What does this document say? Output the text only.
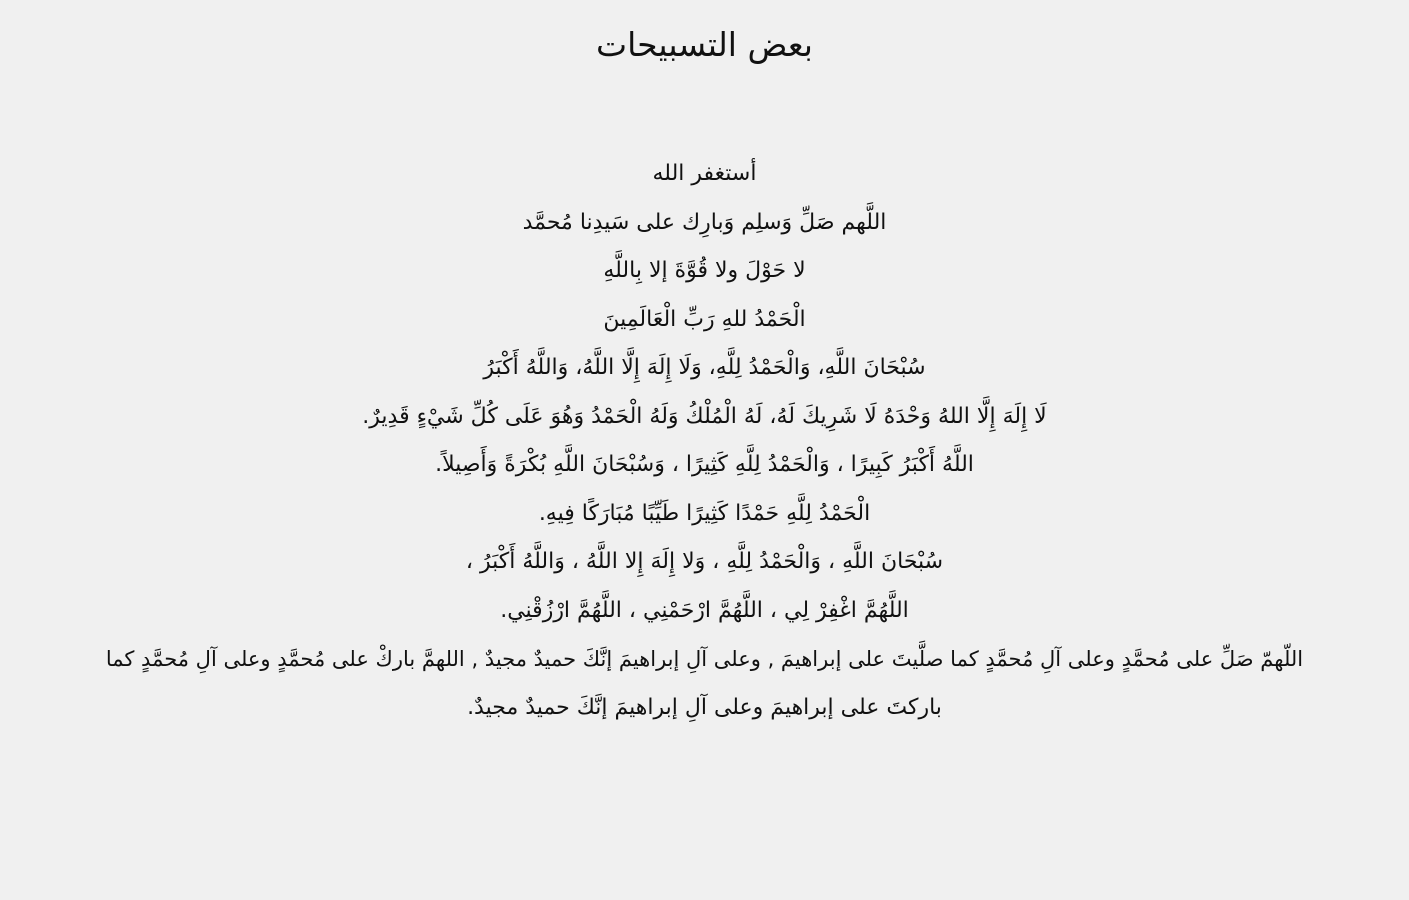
بعض التسبيحات
أستغفر الله
اللَّهم صَلِّ وَسلِم وَبارِك على سَيدِنا مُحمَّد
لا حَوْلَ ولا قُوَّةَ إلا بِاللَّهِ
الْحَمْدُ للهِ رَبِّ الْعَالَمِينَ
سُبْحَانَ اللَّهِ، وَالْحَمْدُ لِلَّهِ، وَلَا إِلَهَ إِلَّا اللَّهُ، وَاللَّهُ أَكْبَرُ
لَا إِلَهَ إِلَّا اللهُ وَحْدَهُ لَا شَرِيكَ لَهُ، لَهُ الْمُلْكُ وَلَهُ الْحَمْدُ وَهُوَ عَلَى كُلِّ شَيْءٍ قَدِيرٌ.
اللَّهُ أَكْبَرُ كَبِيرًا ، وَالْحَمْدُ لِلَّهِ كَثِيرًا ، وَسُبْحَانَ اللَّهِ بُكْرَةً وَأَصِيلاً.
الْحَمْدُ لِلَّهِ حَمْدًا كَثِيرًا طَيِّبًا مُبَارَكًا فِيهِ.
سُبْحَانَ اللَّهِ ، وَالْحَمْدُ لِلَّهِ ، وَلا إِلَهَ إِلا اللَّهُ ، وَاللَّهُ أَكْبَرُ ،
اللَّهُمَّ اغْفِرْ لِي ، اللَّهُمَّ ارْحَمْنِي ، اللَّهُمَّ ارْزُقْنِي.
اللّهمّ صَلِّ على مُحمَّدٍ وعلى آلِ مُحمَّدٍ كما صلَّيتَ على إبراهيمَ , وعلى آلِ إبراهيمَ إنَّكَ حميدٌ مجيدٌ , اللهمَّ باركْ على مُحمَّدٍ وعلى آلِ مُحمَّدٍ كما
باركتَ على إبراهيمَ وعلى آلِ إبراهيمَ إنَّكَ حميدٌ مجيدٌ.
